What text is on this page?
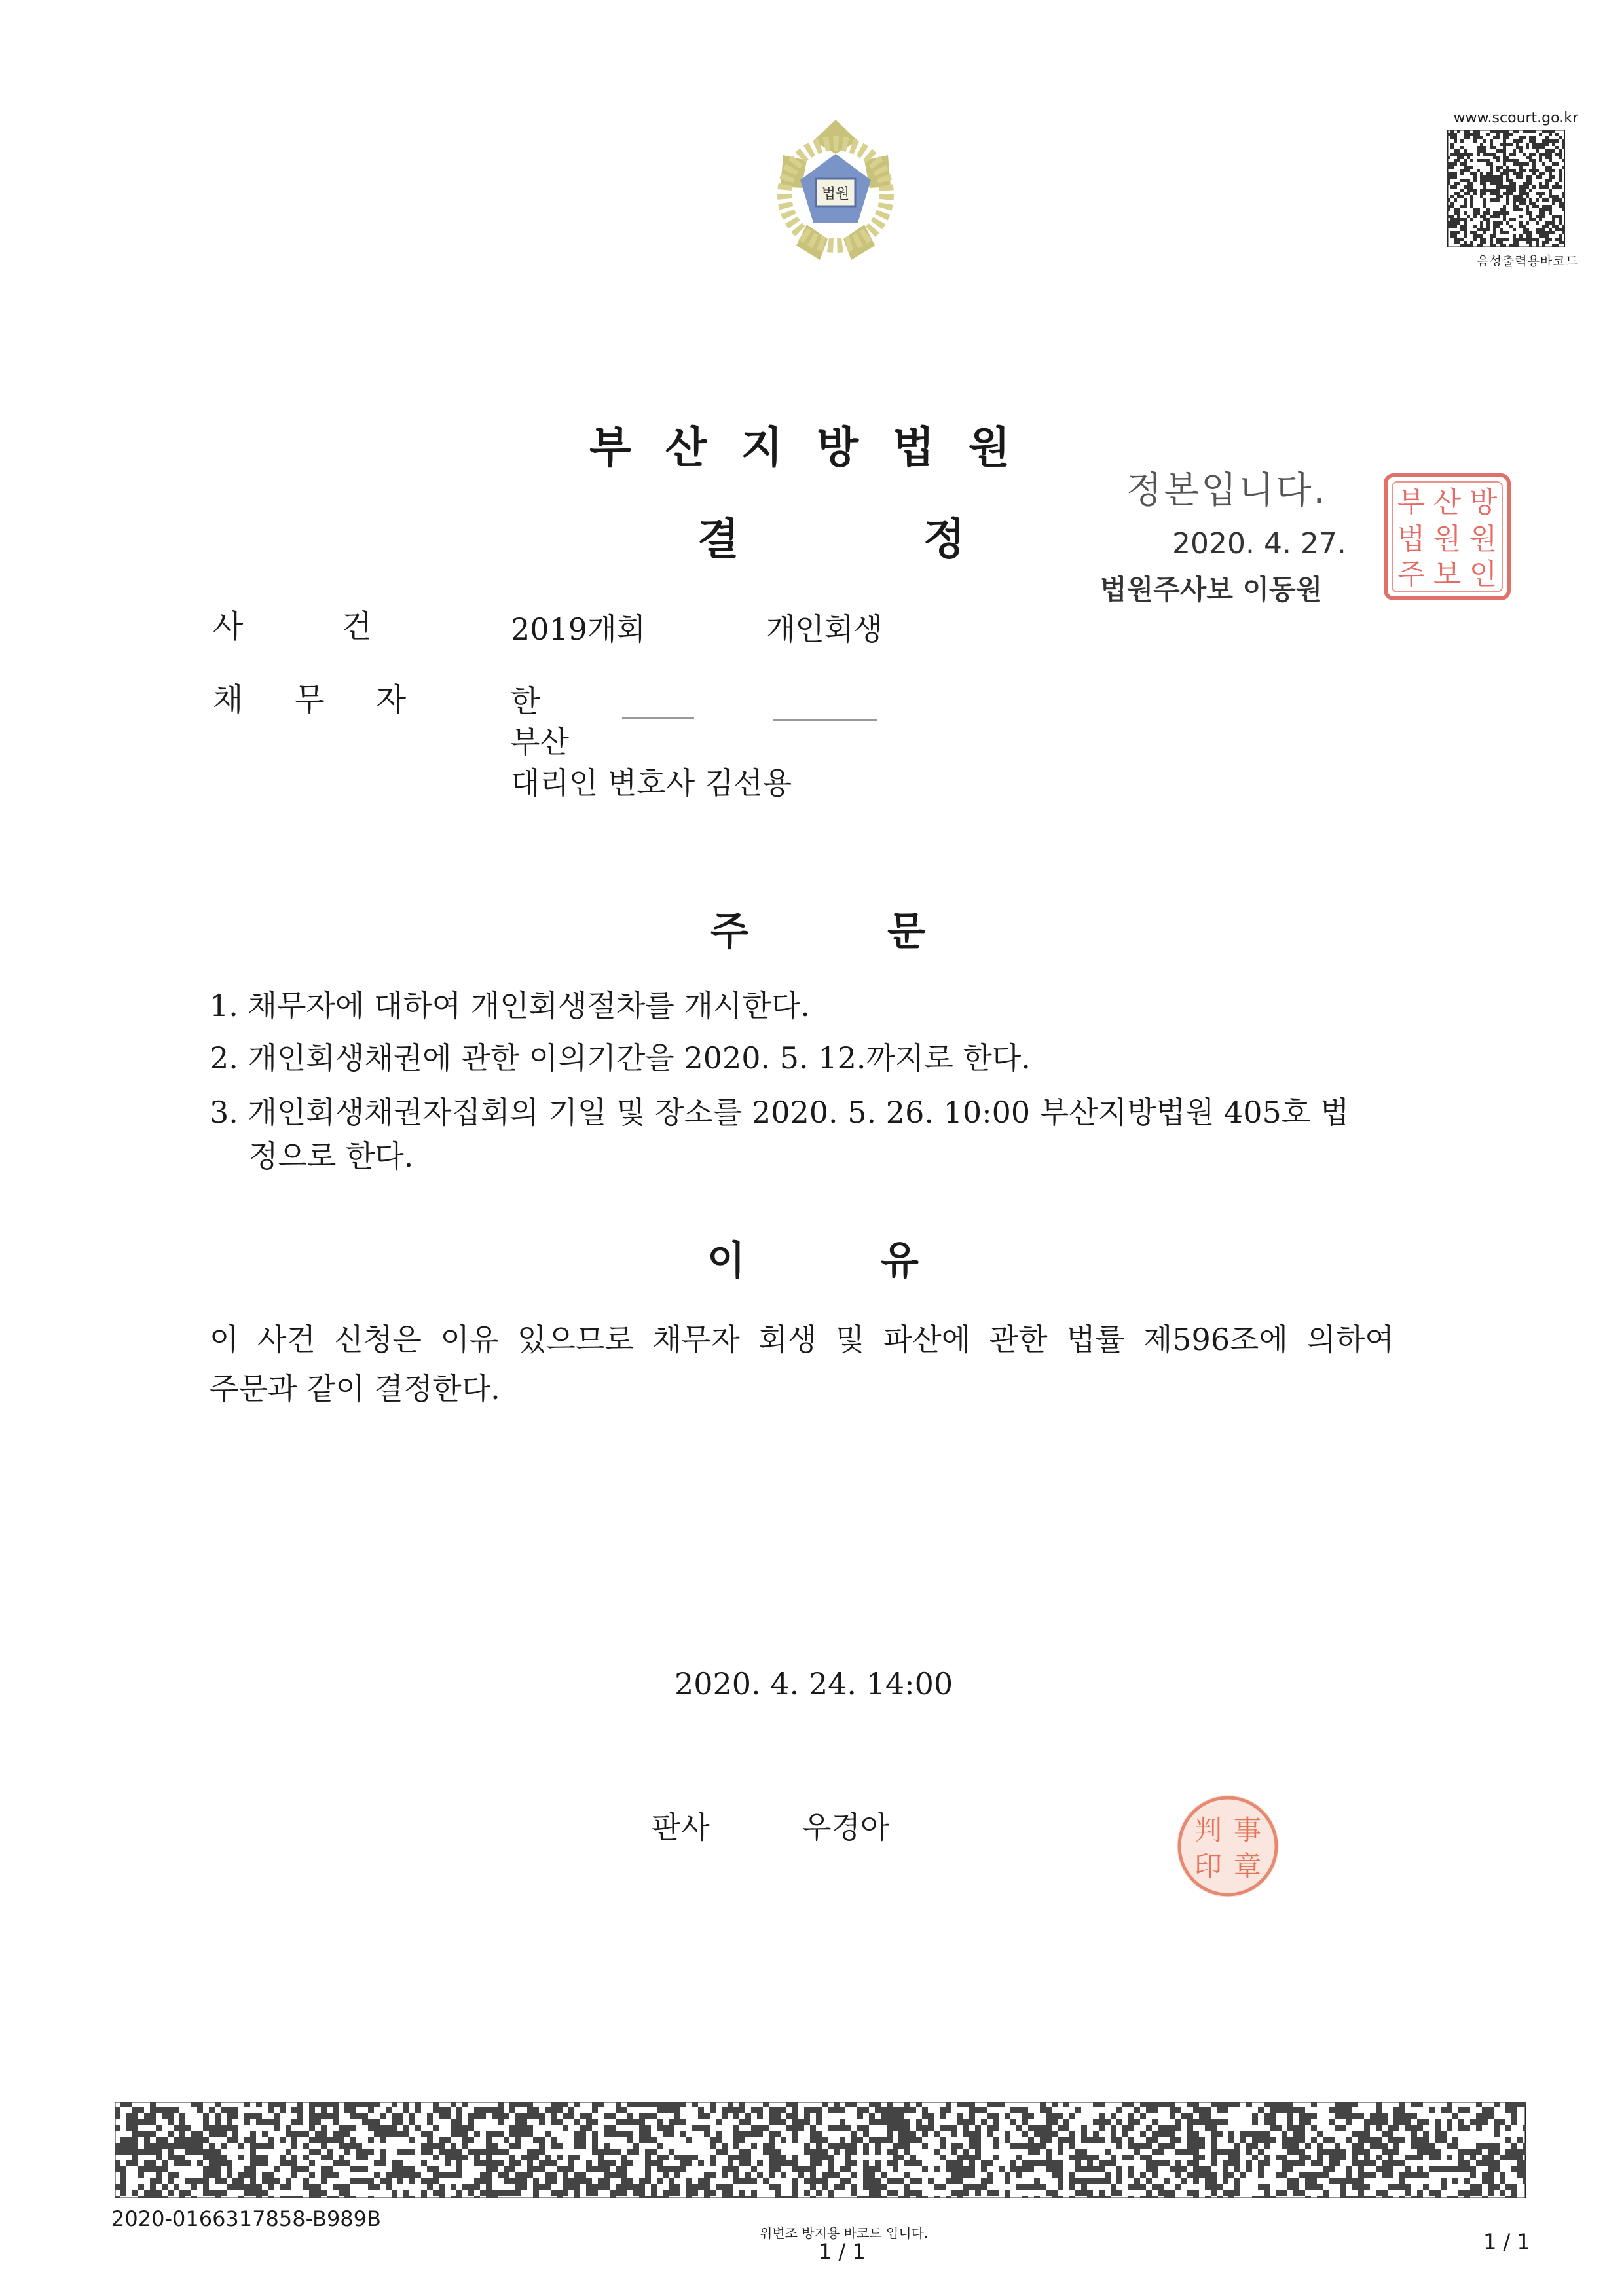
법원
www.scourt.go.kr
음성출력용바코드
부산지방법원
결	정
정본입니다.
2020. 4. 27.
법원주사보 이동원
부 산 방
법 원 원
주 보 인
사건 2019개회	개인회생
채무자 한
부산
대리인 변호사 김선용
주	문
1. 채무자에 대하여 개인회생절차를 개시한다.
2. 개인회생채권에 관한 이의기간을 2020. 5. 12.까지로 한다.
3. 개인회생채권자집회의 기일 및 장소를 2020. 5. 26. 10:00 부산지방법원 405호 법
정으로 한다.
이	유
이 사건 신청은 이유 있으므로 채무자 회생 및 파산에 관한 법률 제596조에 의하여
주문과 같이 결정한다.
2020. 4. 24. 14:00
판사	우경아	判 事
印 章
2020-0166317858-B989B
위변조 방지용 바코드 입니다.
1 / 1	1 / 1
